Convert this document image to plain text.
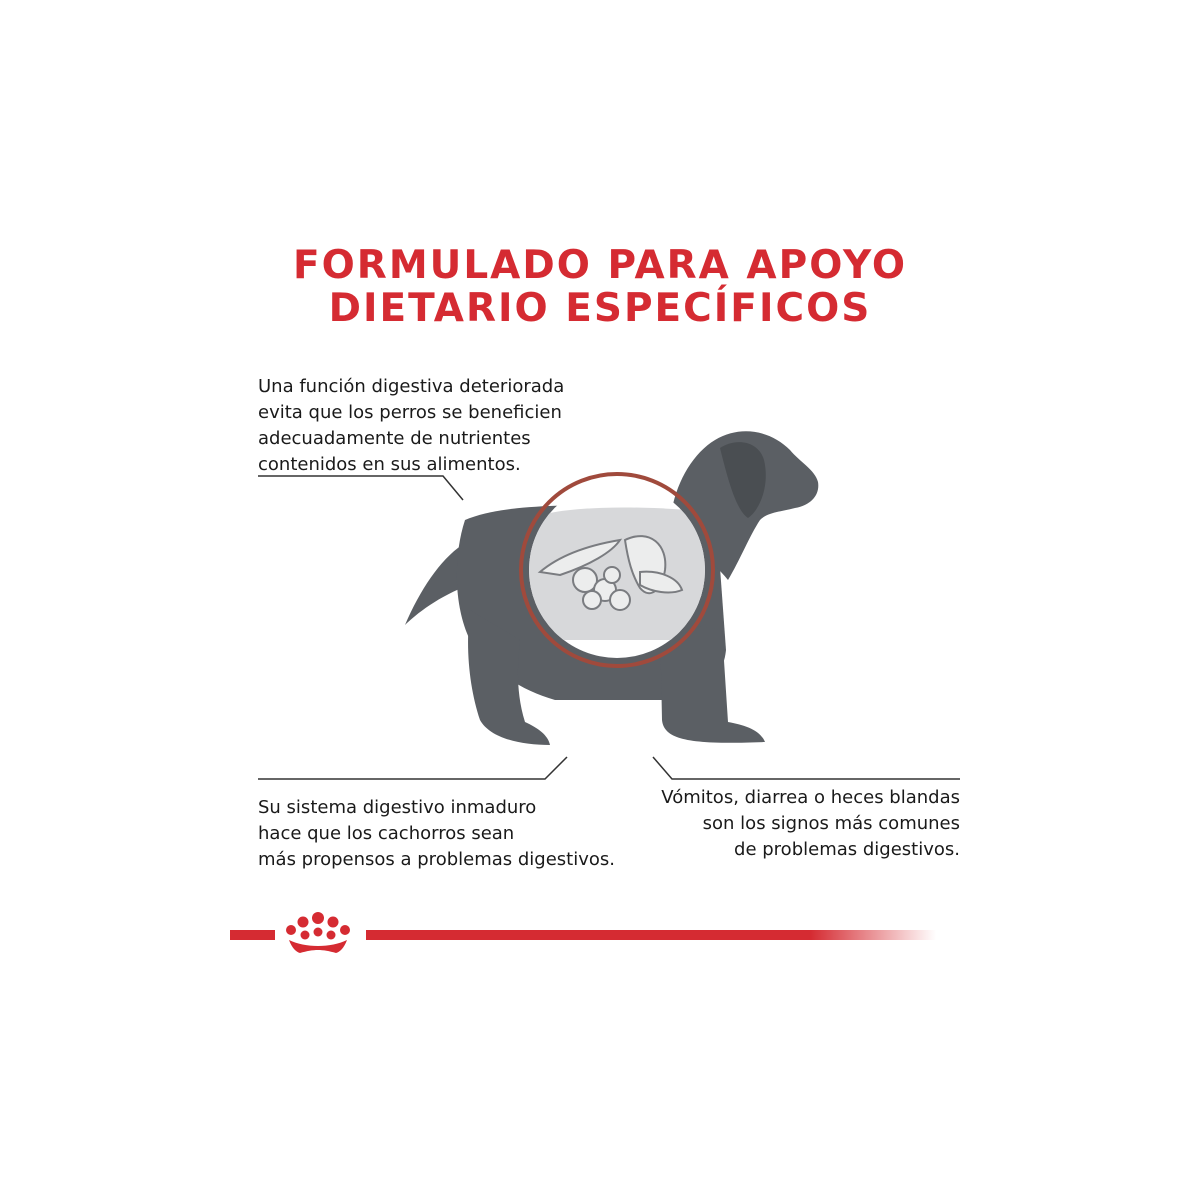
FORMULADO PARA APOYO
DIETARIO ESPECÍFICOS
Una función digestiva deteriorada
evita que los perros se beneficien
adecuadamente de nutrientes
contenidos en sus alimentos.
Su sistema digestivo inmaduro
hace que los cachorros sean
más propensos a problemas digestivos.
Vómitos, diarrea o heces blandas
son los signos más comunes
de problemas digestivos.
